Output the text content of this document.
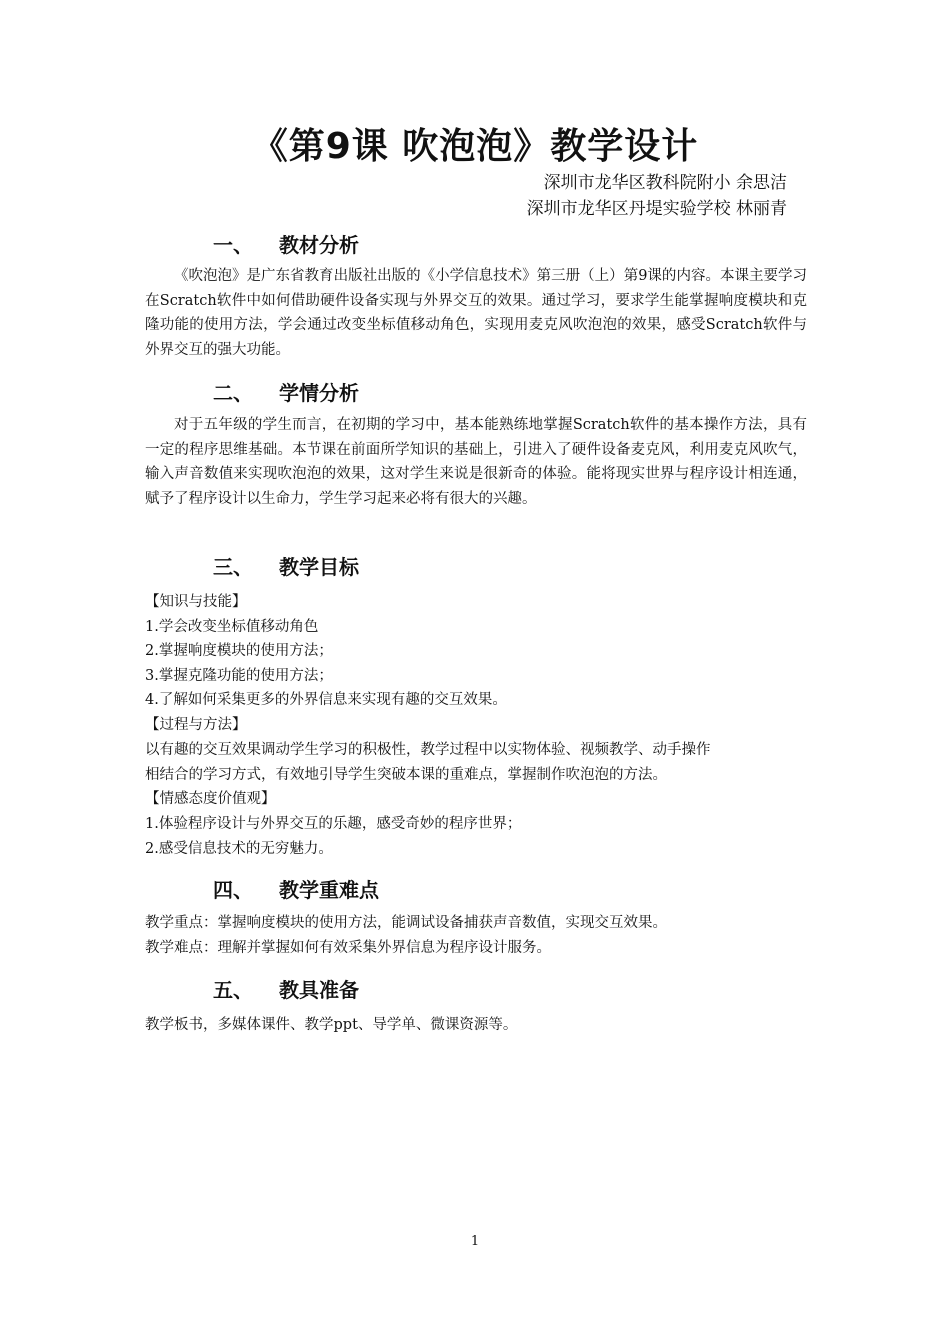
《第9课 吹泡泡》教学设计
深圳市龙华区教科院附小 余思洁
深圳市龙华区丹堤实验学校 林丽青
一、 教材分析
《吹泡泡》是广东省教育出版社出版的《小学信息技术》第三册（上）第9课的内容。本课主要学习在Scratch软件中如何借助硬件设备实现与外界交互的效果。通过学习，要求学生能掌握响度模块和克隆功能的使用方法，学会通过改变坐标值移动角色，实现用麦克风吹泡泡的效果，感受Scratch软件与外界交互的强大功能。
二、 学情分析
对于五年级的学生而言，在初期的学习中，基本能熟练地掌握Scratch软件的基本操作方法，具有一定的程序思维基础。本节课在前面所学知识的基础上，引进入了硬件设备麦克风，利用麦克风吹气，输入声音数值来实现吹泡泡的效果，这对学生来说是很新奇的体验。能将现实世界与程序设计相连通，赋予了程序设计以生命力，学生学习起来必将有很大的兴趣。
三、 教学目标
【知识与技能】
1.学会改变坐标值移动角色
2.掌握响度模块的使用方法；
3.掌握克隆功能的使用方法；
4.了解如何采集更多的外界信息来实现有趣的交互效果。
【过程与方法】
以有趣的交互效果调动学生学习的积极性，教学过程中以实物体验、视频教学、动手操作
相结合的学习方式，有效地引导学生突破本课的重难点，掌握制作吹泡泡的方法。
【情感态度价值观】
1.体验程序设计与外界交互的乐趣，感受奇妙的程序世界；
2.感受信息技术的无穷魅力。
四、 教学重难点
教学重点：掌握响度模块的使用方法，能调试设备捕获声音数值，实现交互效果。
教学难点：理解并掌握如何有效采集外界信息为程序设计服务。
五、 教具准备
教学板书，多媒体课件、教学ppt、导学单、微课资源等。
1
